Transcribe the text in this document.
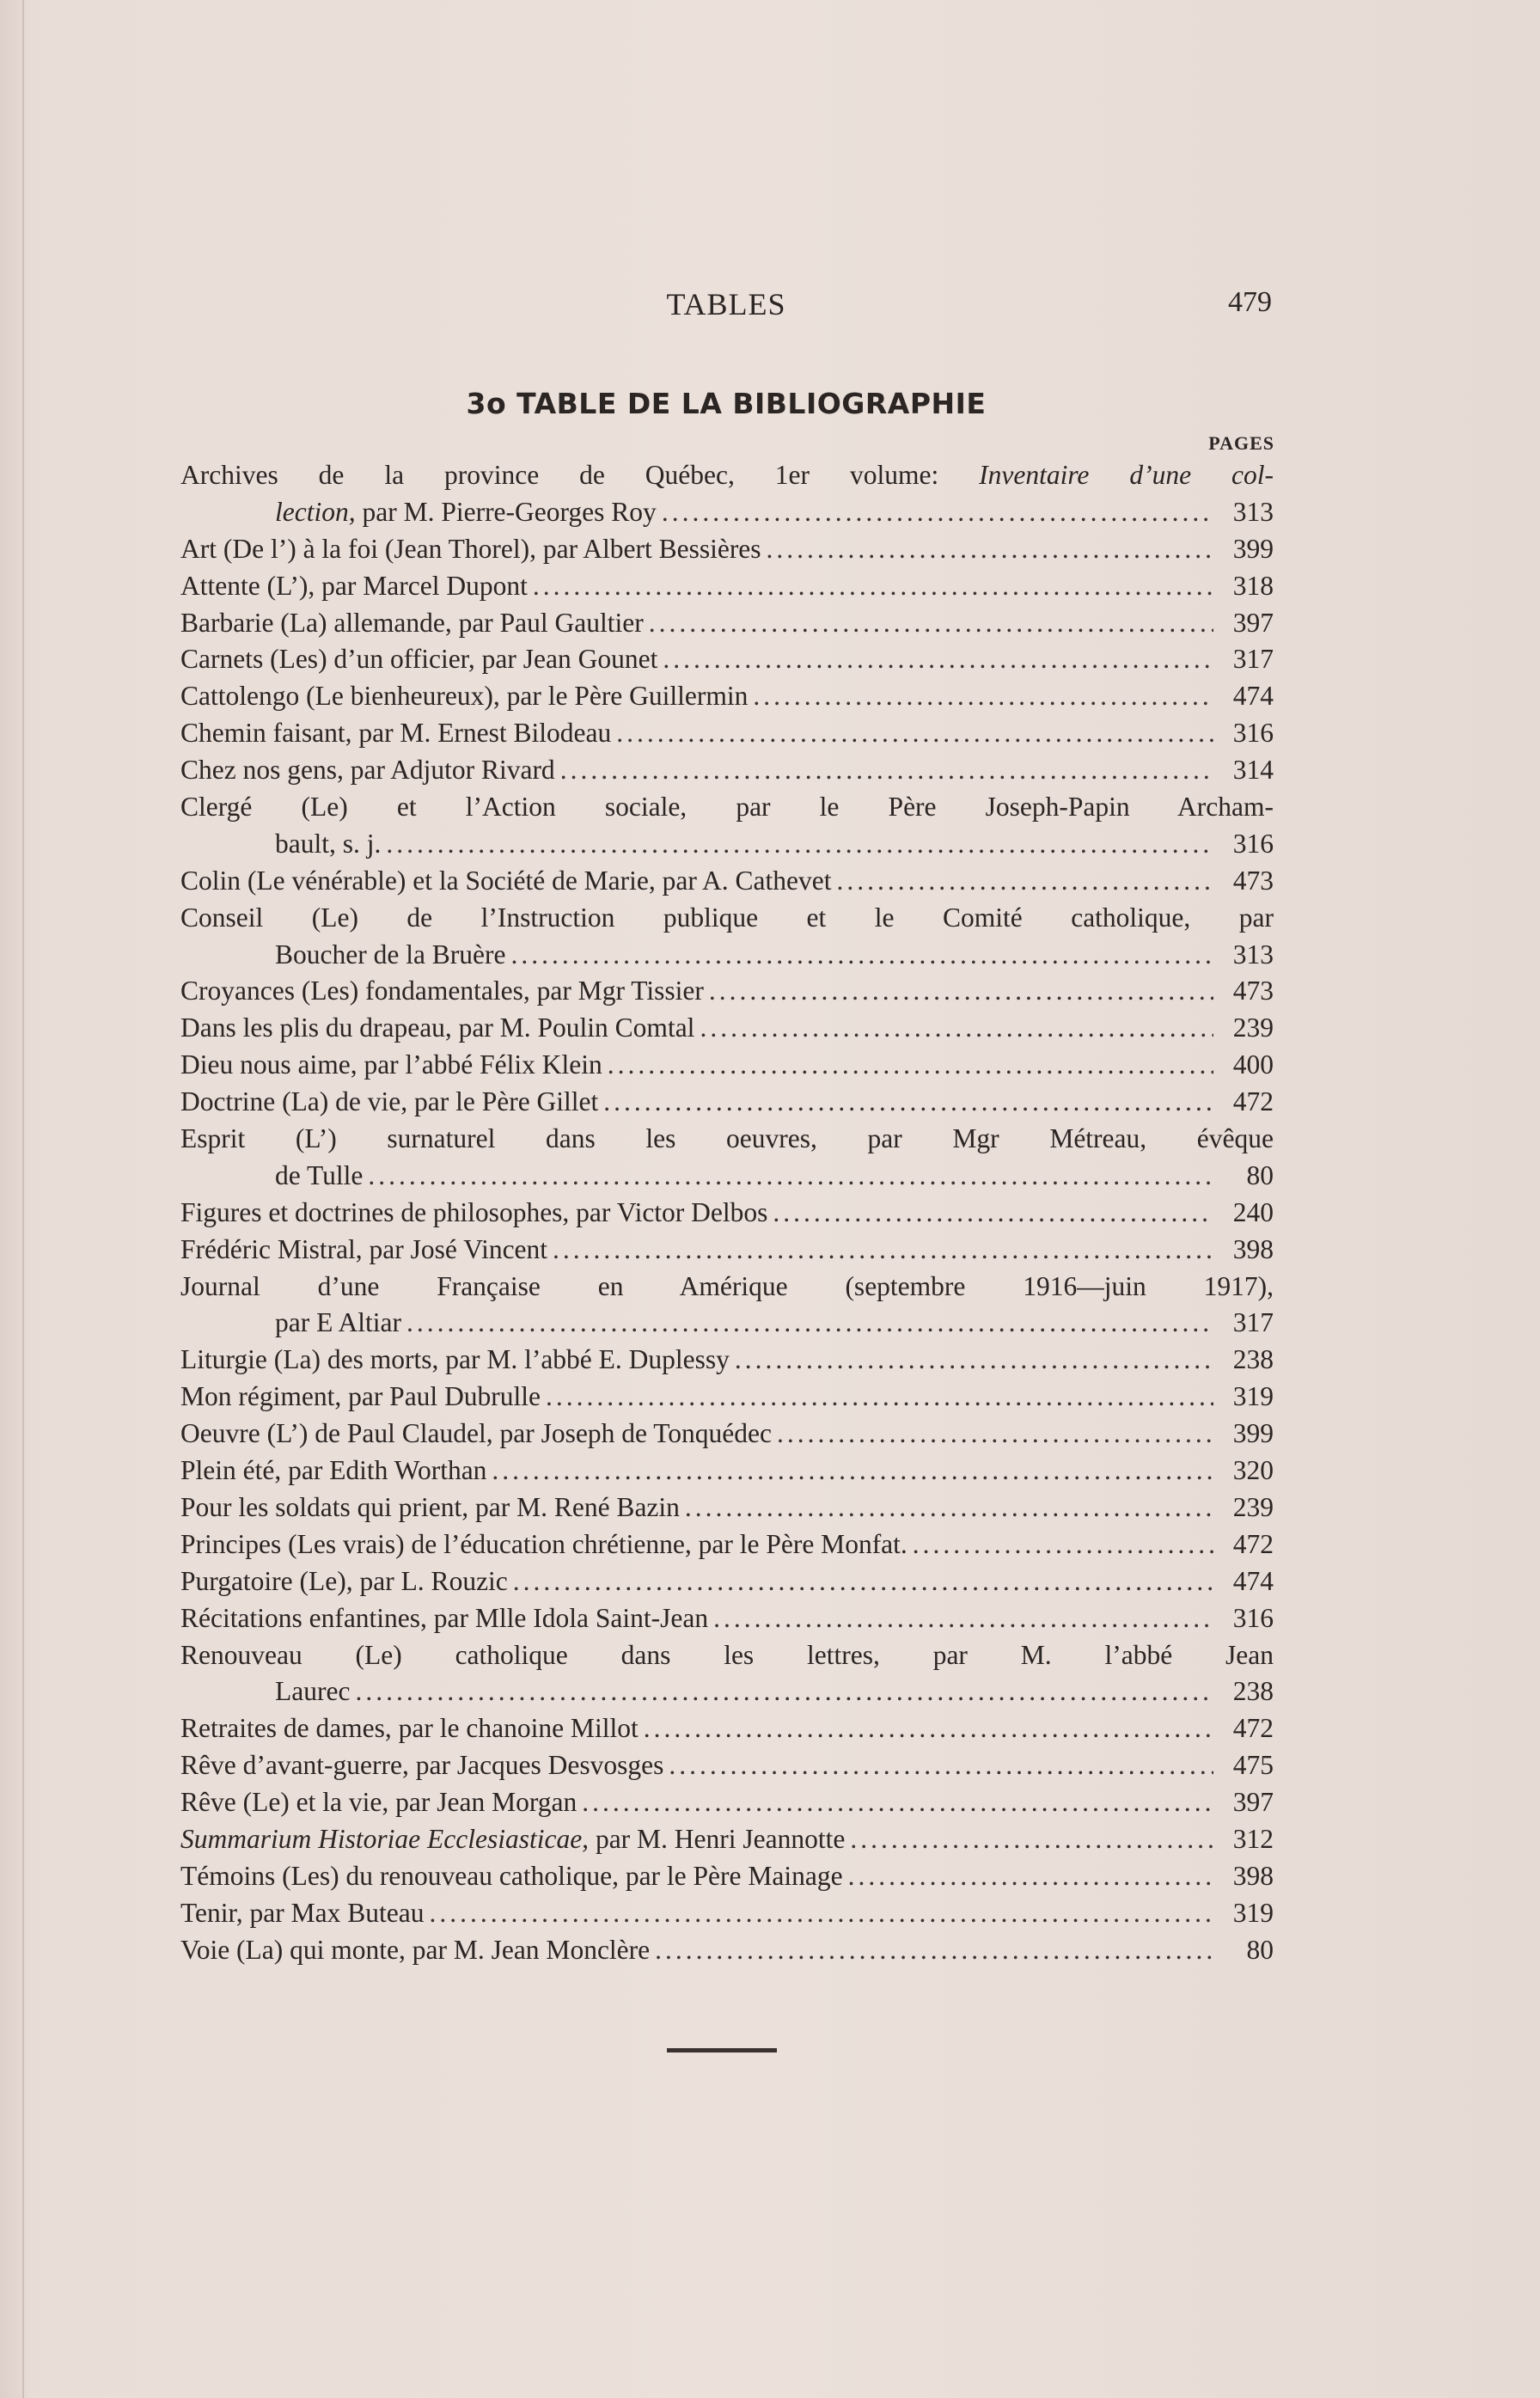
TABLES	479
3o TABLE DE LA BIBLIOGRAPHIE
PAGES
Archives de la province de Québec, 1er volume: Inventaire d’une col-
lection, par M. Pierre-Georges Roy .....	313
Art (De l’) à la foi (Jean Thorel), par Albert Bessières .....	399
Attente (L’), par Marcel Dupont .....	318
Barbarie (La) allemande, par Paul Gaultier .....	397
Carnets (Les) d’un officier, par Jean Gounet .....	317
Cattolengo (Le bienheureux), par le Père Guillermin .....	474
Chemin faisant, par M. Ernest Bilodeau .....	316
Chez nos gens, par Adjutor Rivard .....	314
Clergé (Le) et l’Action sociale, par le Père Joseph-Papin Archam-
bault, s. j. .....	316
Colin (Le vénérable) et la Société de Marie, par A. Cathevet .....	473
Conseil (Le) de l’Instruction publique et le Comité catholique, par
Boucher de la Bruère .....	313
Croyances (Les) fondamentales, par Mgr Tissier .....	473
Dans les plis du drapeau, par M. Poulin Comtal .....	239
Dieu nous aime, par l’abbé Félix Klein .....	400
Doctrine (La) de vie, par le Père Gillet .....	472
Esprit (L’) surnaturel dans les oeuvres, par Mgr Métreau, évêque
de Tulle .....	80
Figures et doctrines de philosophes, par Victor Delbos .....	240
Frédéric Mistral, par José Vincent .....	398
Journal d’une Française en Amérique (septembre 1916—juin 1917),
par E Altiar .....	317
Liturgie (La) des morts, par M. l’abbé E. Duplessy .....	238
Mon régiment, par Paul Dubrulle .....	319
Oeuvre (L’) de Paul Claudel, par Joseph de Tonquédec .....	399
Plein été, par Edith Worthan .....	320
Pour les soldats qui prient, par M. René Bazin .....	239
Principes (Les vrais) de l’éducation chrétienne, par le Père Monfat. .....	472
Purgatoire (Le), par L. Rouzic .....	474
Récitations enfantines, par Mlle Idola Saint-Jean .....	316
Renouveau (Le) catholique dans les lettres, par M. l’abbé Jean
Laurec .....	238
Retraites de dames, par le chanoine Millot .....	472
Rêve d’avant-guerre, par Jacques Desvosges .....	475
Rêve (Le) et la vie, par Jean Morgan .....	397
Summarium Historiae Ecclesiasticae, par M. Henri Jeannotte .....	312
Témoins (Les) du renouveau catholique, par le Père Mainage .....	398
Tenir, par Max Buteau .....	319
Voie (La) qui monte, par M. Jean Monclère .....	80
